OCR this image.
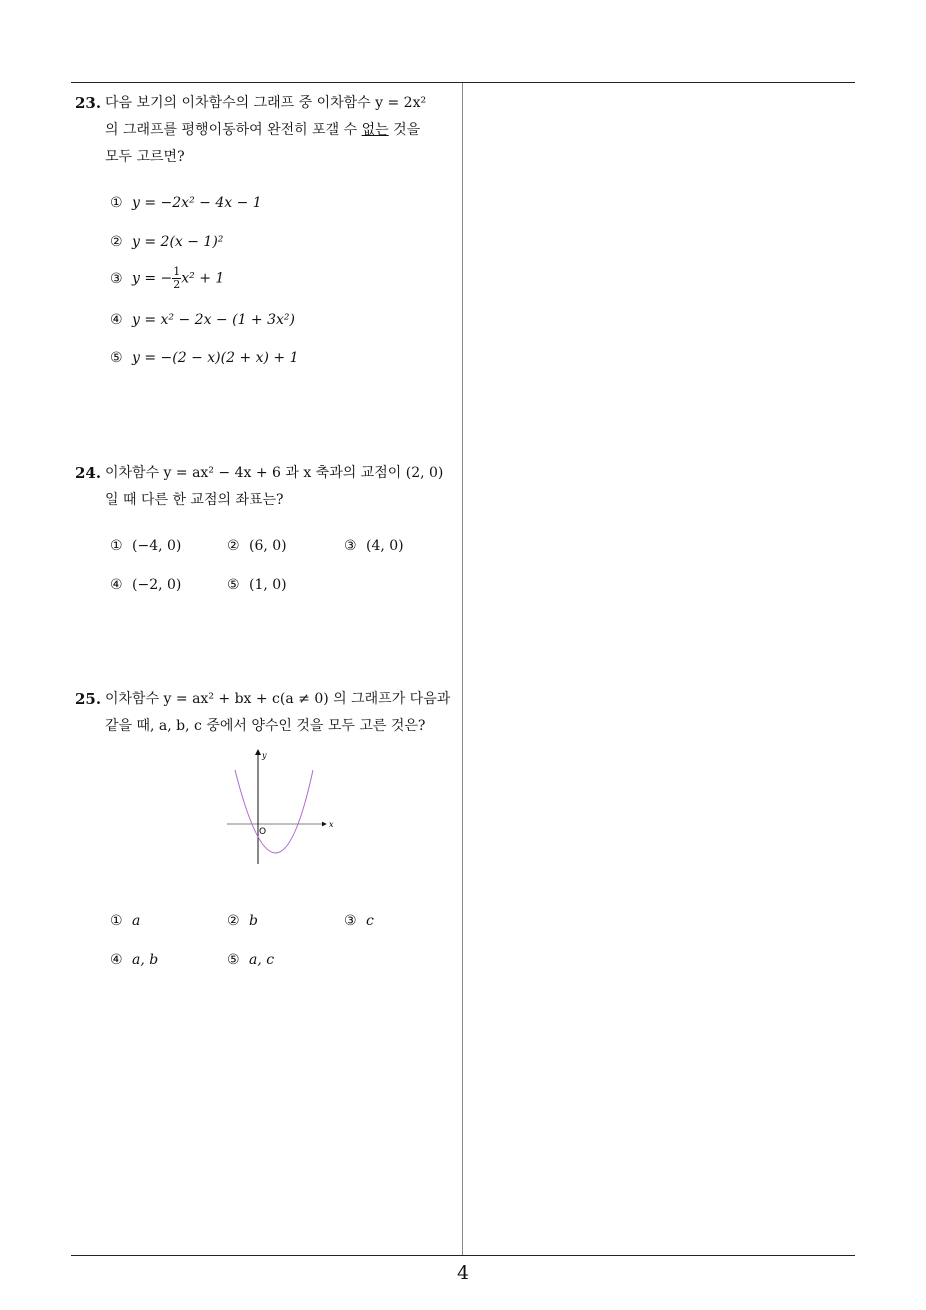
23. 다음 보기의 이차함수의 그래프 중 이차함수 y = 2x²
의 그래프를 평행이동하여 완전히 포갤 수 없는 것을
모두 고르면?
① y = −2x² − 4x − 1
② y = 2(x − 1)²
③ y = − $\frac{1}{2} x^2 + 1$
④ y = x² − 2x − (1 + 3x²)
⑤ y = −(2 − x)(2 + x) + 1
24. 이차함수 y = ax² − 4x + 6 과 x 축과의 교점이 (2, 0)
일 때 다른 한 교점의 좌표는?
① (−4, 0)	② (6, 0)	③ (4, 0)
④ (−2, 0)	⑤ (1, 0)
25. 이차함수 y = ax² + bx + c(a ≠ 0) 의 그래프가 다음과
같을 때, a, b, c 중에서 양수인 것을 모두 고른 것은?
x
y
O
① a	② b	③ c
④ a, b	⑤ a, c
4
